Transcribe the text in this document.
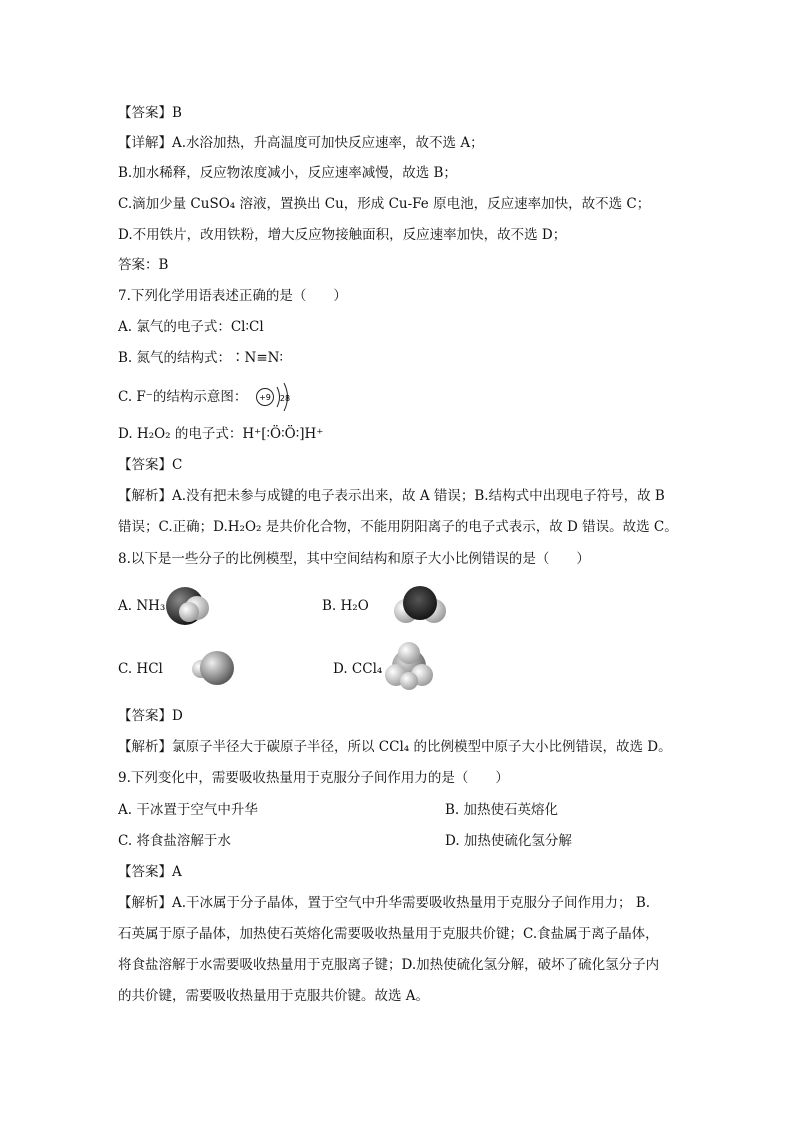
【答案】B
【详解】A.水浴加热，升高温度可加快反应速率，故不选 A；
B.加水稀释，反应物浓度减小，反应速率减慢，故选 B；
C.滴加少量 CuSO₄ 溶液，置换出 Cu，形成 Cu-Fe 原电池，反应速率加快，故不选 C；
D.不用铁片，改用铁粉，增大反应物接触面积，反应速率加快，故不选 D；
答案：B
7.下列化学用语表述正确的是（　　）
A. 氯气的电子式：Cl∶Cl
B. 氮气的结构式：∶N≡N∶
C. F⁻的结构示意图： +9 28
D. H₂O₂ 的电子式：H⁺[∶Ö∶Ö∶]H⁺
【答案】C
【解析】A.没有把未参与成键的电子表示出来，故 A 错误；B.结构式中出现电子符号，故 B
错误；C.正确；D.H₂O₂ 是共价化合物，不能用阴阳离子的电子式表示，故 D 错误。故选 C。
8.以下是一些分子的比例模型，其中空间结构和原子大小比例错误的是（　　）
A. NH₃	B. H₂O
C. HCl	D. CCl₄
【答案】D
【解析】氯原子半径大于碳原子半径，所以 CCl₄ 的比例模型中原子大小比例错误，故选 D。
9.下列变化中，需要吸收热量用于克服分子间作用力的是（　　）
A. 干冰置于空气中升华	B. 加热使石英熔化
C. 将食盐溶解于水	D. 加热使硫化氢分解
【答案】A
【解析】A.干冰属于分子晶体，置于空气中升华需要吸收热量用于克服分子间作用力； B.
石英属于原子晶体，加热使石英熔化需要吸收热量用于克服共价键；C.食盐属于离子晶体，
将食盐溶解于水需要吸收热量用于克服离子键；D.加热使硫化氢分解，破坏了硫化氢分子内
的共价键，需要吸收热量用于克服共价键。故选 A。
